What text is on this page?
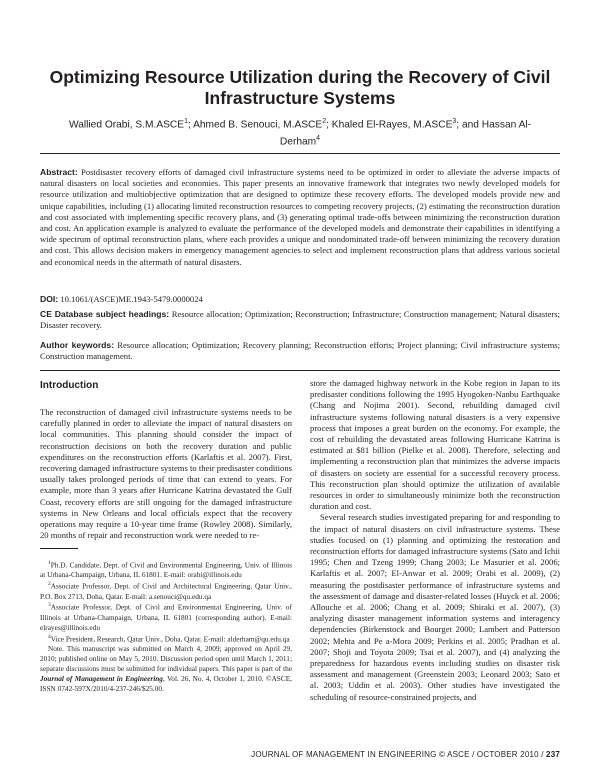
Optimizing Resource Utilization during the Recovery of Civil Infrastructure Systems
Wallied Orabi, S.M.ASCE$^1$; Ahmed B. Senouci, M.ASCE$^2$; Khaled El-Rayes, M.ASCE$^3$; and Hassan Al-Derham$^4$
Abstract: Postdisaster recovery efforts of damaged civil infrastructure systems need to be optimized in order to alleviate the adverse impacts of natural disasters on local societies and economies. This paper presents an innovative framework that integrates two newly developed models for resource utilization and multiobjective optimization that are designed to optimize these recovery efforts. The developed models provide new and unique capabilities, including (1) allocating limited reconstruction resources to competing recovery projects, (2) estimating the reconstruction duration and cost associated with implementing specific recovery plans, and (3) generating optimal trade-offs between minimizing the reconstruction duration and cost. An application example is analyzed to evaluate the performance of the developed models and demonstrate their capabilities in identifying a wide spectrum of optimal reconstruction plans, where each provides a unique and nondominated trade-off between minimizing the recovery duration and cost. This allows decision makers in emergency management agencies to select and implement reconstruction plans that address various societal and economical needs in the aftermath of natural disasters.
DOI: 10.1061/(ASCE)ME.1943-5479.0000024
CE Database subject headings: Resource allocation; Optimization; Reconstruction; Infrastructure; Construction management; Natural disasters; Disaster recovery.
Author keywords: Resource allocation; Optimization; Recovery planning; Reconstruction efforts; Project planning; Civil infrastructure systems; Construction management.
Introduction

The reconstruction of damaged civil infrastructure systems needs to be carefully planned in order to alleviate the impact of natural disasters on local communities. This planning should consider the impact of reconstruction decisions on both the recovery duration and public expenditures on the reconstruction efforts (Karlaftis et al. 2007). First, recovering damaged infrastructure systems to their predisaster conditions usually takes prolonged periods of time that can extend to years. For example, more than 3 years after Hurricane Katrina devastated the Gulf Coast, recovery efforts are still ongoing for the damaged infrastructure systems in New Orleans and local officials expect that the recovery operations may require a 10-year time frame (Rowley 2008). Similarly, 20 months of repair and reconstruction work were needed to re-

$^1$Ph.D. Candidate, Dept. of Civil and Environmental Engineering, Univ. of Illinois at Urbana-Champaign, Urbana, IL 61801. E-mail: orabi@illinois.edu

$^2$Associate Professor, Dept. of Civil and Architectural Engineering, Qatar Univ., P.O. Box 2713, Doha, Qatar. E-mail: a.senouci@qu.edu.qa

$^3$Associate Professor, Dept. of Civil and Environmental Engineering, Univ. of Illinois at Urbana-Champaign, Urbana, IL 61801 (corresponding author). E-mail: elrayes@illinois.edu

$^4$Vice President, Research, Qatar Univ., Doha, Qatar. E-mail: alderham@qu.edu.qa

Note. This manuscript was submitted on March 4, 2009; approved on April 29, 2010; published online on May 5, 2010. Discussion period open until March 1, 2011; separate discussions must be submitted for individual papers. This paper is part of the Journal of Management in Engineering, Vol. 26, No. 4, October 1, 2010. ©ASCE, ISSN 0742-597X/2010/4-237-246/$25.00.

store the damaged highway network in the Kobe region in Japan to its predisaster conditions following the 1995 Hyogoken-Nanbu Earthquake (Chang and Nojima 2001). Second, rebuilding damaged civil infrastructure systems following natural disasters is a very expensive process that imposes a great burden on the economy. For example, the cost of rebuilding the devastated areas following Hurricane Katrina is estimated at $81 billion (Pielke et al. 2008). Therefore, selecting and implementing a reconstruction plan that minimizes the adverse impacts of disasters on society are essential for a successful recovery process. This reconstruction plan should optimize the utilization of available resources in order to simultaneously minimize both the reconstruction duration and cost.

Several research studies investigated preparing for and responding to the impact of natural disasters on civil infrastructure systems. These studies focused on (1) planning and optimizing the restoration and reconstruction efforts for damaged infrastructure systems (Sato and Ichii 1995; Chen and Tzeng 1999; Chang 2003; Le Masurier et al. 2006; Karlaftis et al. 2007; El-Anwar et al. 2009; Orabi et al. 2009), (2) measuring the postdisaster performance of infrastructure systems and the assessment of damage and disaster-related losses (Huyck et al. 2006; Allouche et al. 2006; Chang et al. 2009; Shiraki et al. 2007), (3) analyzing disaster management information systems and interagency dependencies (Birkenstock and Bourget 2000; Lambert and Patterson 2002; Mehta and Pe a-Mora 2009; Perkins et al. 2005; Pradhan et al. 2007; Shoji and Toyota 2009; Tsai et al. 2007), and (4) analyzing the preparedness for hazardous events including studies on disaster risk assessment and management (Greenstein 2003; Leonard 2003; Sato et al. 2003; Uddin et al. 2003). Other studies have investigated the scheduling of resource-constrained projects, and

JOURNAL OF MANAGEMENT IN ENGINEERING © ASCE / OCTOBER 2010 / 237
